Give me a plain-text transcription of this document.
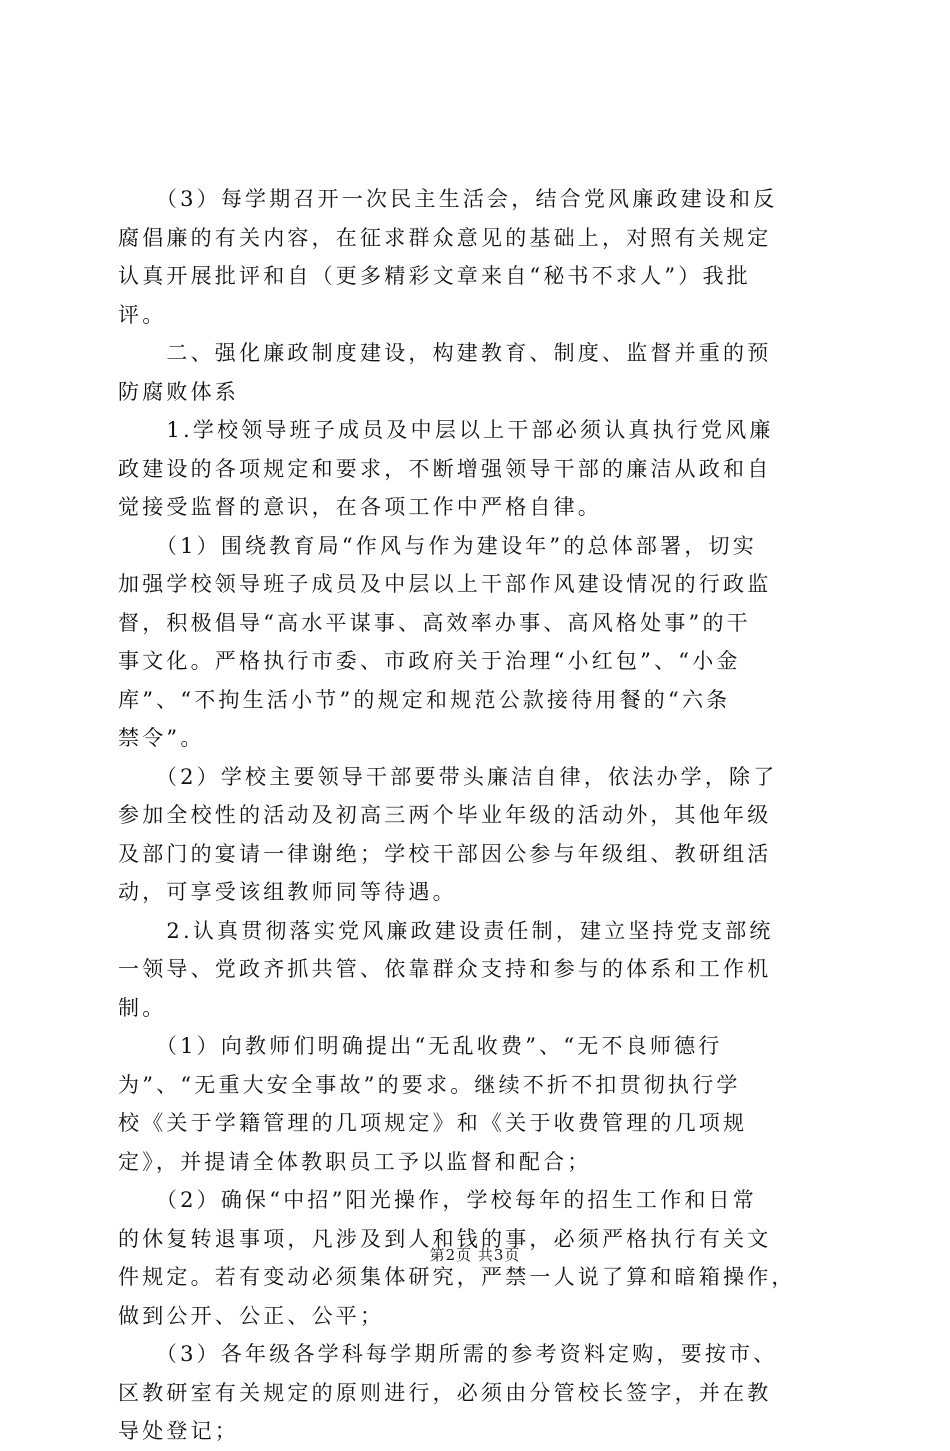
　　（3）每学期召开一次民主生活会，结合党风廉政建设和反
腐倡廉的有关内容，在征求群众意见的基础上，对照有关规定
认真开展批评和自（更多精彩文章来自“秘书不求人”）我批
评。
　　二、强化廉政制度建设，构建教育、制度、监督并重的预
防腐败体系
　　1.学校领导班子成员及中层以上干部必须认真执行党风廉
政建设的各项规定和要求，不断增强领导干部的廉洁从政和自
觉接受监督的意识，在各项工作中严格自律。
　　（1）围绕教育局“作风与作为建设年”的总体部署，切实
加强学校领导班子成员及中层以上干部作风建设情况的行政监
督，积极倡导“高水平谋事、高效率办事、高风格处事”的干
事文化。严格执行市委、市政府关于治理“小红包”、“小金
库”、“不拘生活小节”的规定和规范公款接待用餐的“六条
禁令”。
　　（2）学校主要领导干部要带头廉洁自律，依法办学，除了
参加全校性的活动及初高三两个毕业年级的活动外，其他年级
及部门的宴请一律谢绝；学校干部因公参与年级组、教研组活
动，可享受该组教师同等待遇。
　　2.认真贯彻落实党风廉政建设责任制，建立坚持党支部统
一领导、党政齐抓共管、依靠群众支持和参与的体系和工作机
制。
　　（1）向教师们明确提出“无乱收费”、“无不良师德行
为”、“无重大安全事故”的要求。继续不折不扣贯彻执行学
校《关于学籍管理的几项规定》和《关于收费管理的几项规
定》，并提请全体教职员工予以监督和配合；
　　（2）确保“中招”阳光操作，学校每年的招生工作和日常
的休复转退事项，凡涉及到人和钱的事，必须严格执行有关文
件规定。若有变动必须集体研究，严禁一人说了算和暗箱操作，
做到公开、公正、公平；
　　（3）各年级各学科每学期所需的参考资料定购，要按市、
区教研室有关规定的原则进行，必须由分管校长签字，并在教
导处登记；
第2页 共3页
